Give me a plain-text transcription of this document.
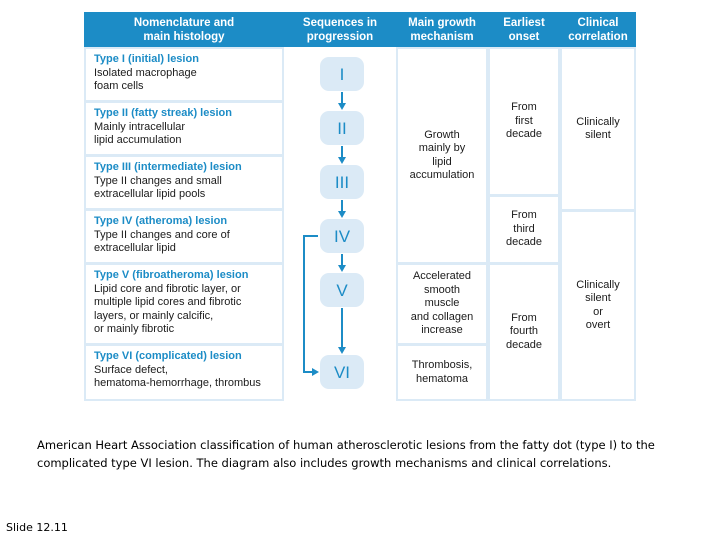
Nomenclature and
main histology
Sequences in
progression
Main growth
mechanism
Earliest
onset
Clinical
correlation
Type I (initial) lesion
Isolated macrophage
foam cells
Type II (fatty streak) lesion
Mainly intracellular
lipid accumulation
Type III (intermediate) lesion
Type II changes and small
extracellular lipid pools
Type IV (atheroma) lesion
Type II changes and core of
extracellular lipid
Type V (fibroatheroma) lesion
Lipid core and fibrotic layer, or
multiple lipid cores and fibrotic
layers, or mainly calcific,
or mainly fibrotic
Type VI (complicated) lesion
Surface defect,
hematoma-hemorrhage, thrombus
I
II
III
IV
V
VI
Growth
mainly by
lipid
accumulation
Accelerated
smooth
muscle
and collagen
increase
Thrombosis,
hematoma
From
first
decade
From
third
decade
From
fourth
decade
Clinically
silent
Clinically
silent
or
overt
American Heart Association classification of human atherosclerotic lesions from the fatty dot (type I) to the complicated type VI lesion. The diagram also includes growth mechanisms and clinical correlations.
Slide 12.11
